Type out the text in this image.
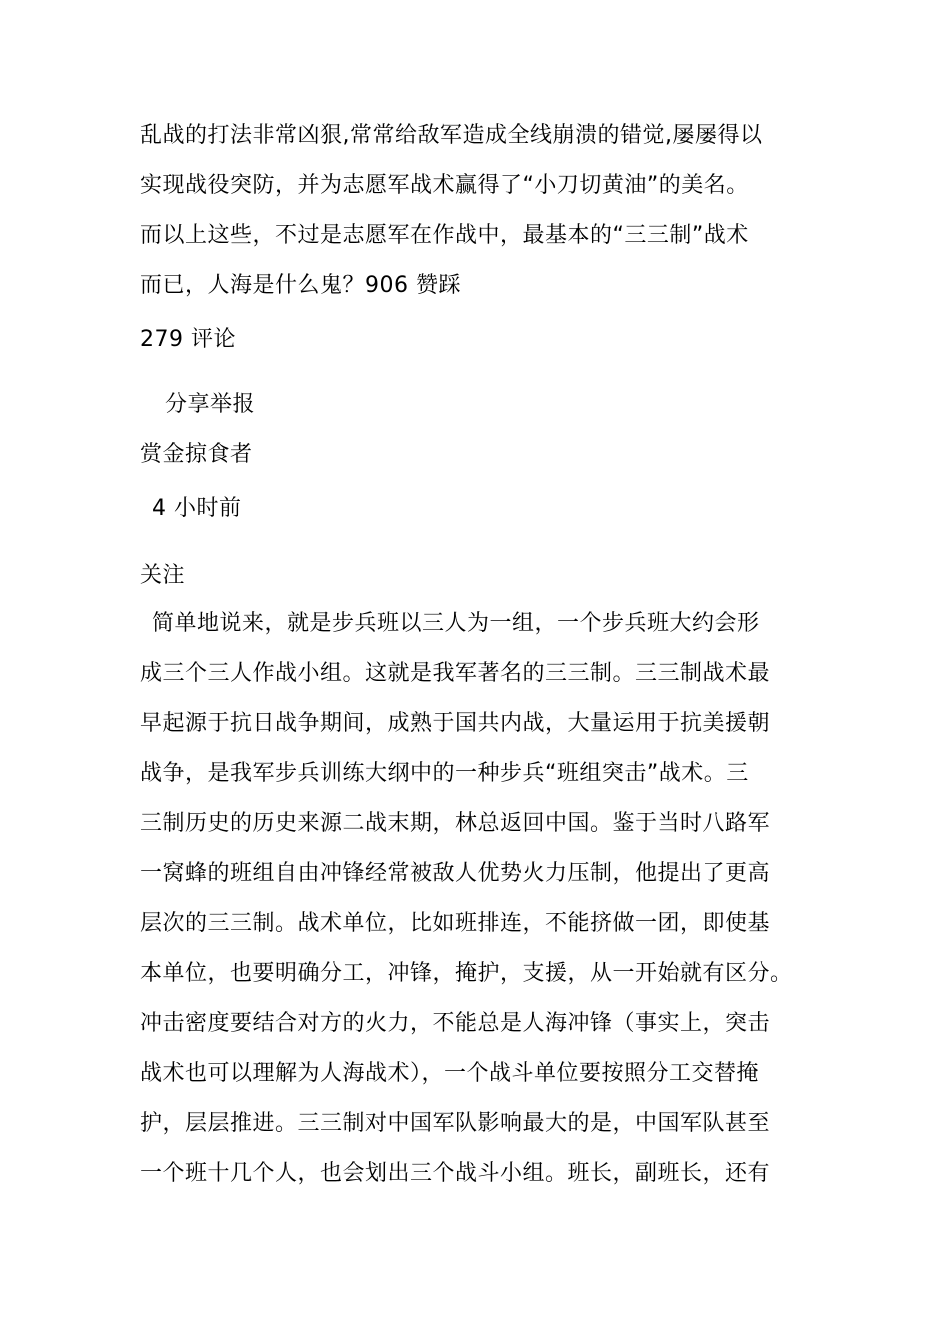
乱战的打法非常凶狠,常常给敌军造成全线崩溃的错觉,屡屡得以
实现战役突防，并为志愿军战术赢得了“小刀切黄油”的美名。
而以上这些，不过是志愿军在作战中，最基本的“三三制”战术
而已，人海是什么鬼？906 赞踩
279 评论
分享举报
赏金掠食者
4 小时前
关注
简单地说来，就是步兵班以三人为一组，一个步兵班大约会形
成三个三人作战小组。这就是我军著名的三三制。三三制战术最
早起源于抗日战争期间，成熟于国共内战，大量运用于抗美援朝
战争，是我军步兵训练大纲中的一种步兵“班组突击”战术。三
三制历史的历史来源二战末期，林总返回中国。鉴于当时八路军
一窝蜂的班组自由冲锋经常被敌人优势火力压制，他提出了更高
层次的三三制。战术单位，比如班排连，不能挤做一团，即使基
本单位，也要明确分工，冲锋，掩护，支援，从一开始就有区分。
冲击密度要结合对方的火力，不能总是人海冲锋（事实上，突击
战术也可以理解为人海战术），一个战斗单位要按照分工交替掩
护，层层推进。三三制对中国军队影响最大的是，中国军队甚至
一个班十几个人，也会划出三个战斗小组。班长，副班长，还有
